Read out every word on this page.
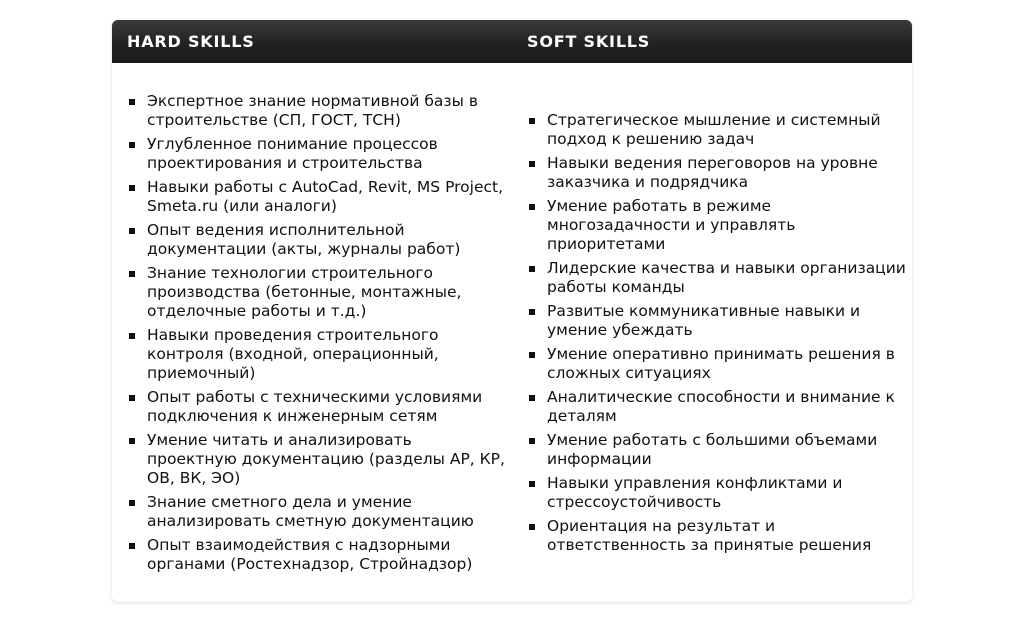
HARD SKILLS	SOFT SKILLS
Экспертное знание нормативной базы в строительстве (СП, ГОСТ, ТСН)
Углубленное понимание процессов проектирования и строительства
Навыки работы с AutoCad, Revit, MS Project, Smeta.ru (или аналоги)
Опыт ведения исполнительной документации (акты, журналы работ)
Знание технологии строительного производства (бетонные, монтажные, отделочные работы и т.д.)
Навыки проведения строительного контроля (входной, операционный, приемочный)
Опыт работы с техническими условиями подключения к инженерным сетям
Умение читать и анализировать проектную документацию (разделы АР, КР, ОВ, ВК, ЭО)
Знание сметного дела и умение анализировать сметную документацию
Опыт взаимодействия с надзорными органами (Ростехнадзор, Стройнадзор)
Стратегическое мышление и системный подход к решению задач
Навыки ведения переговоров на уровне заказчика и подрядчика
Умение работать в режиме многозадачности и управлять приоритетами
Лидерские качества и навыки организации работы команды
Развитые коммуникативные навыки и умение убеждать
Умение оперативно принимать решения в сложных ситуациях
Аналитические способности и внимание к деталям
Умение работать с большими объемами информации
Навыки управления конфликтами и стрессоустойчивость
Ориентация на результат и ответственность за принятые решения
